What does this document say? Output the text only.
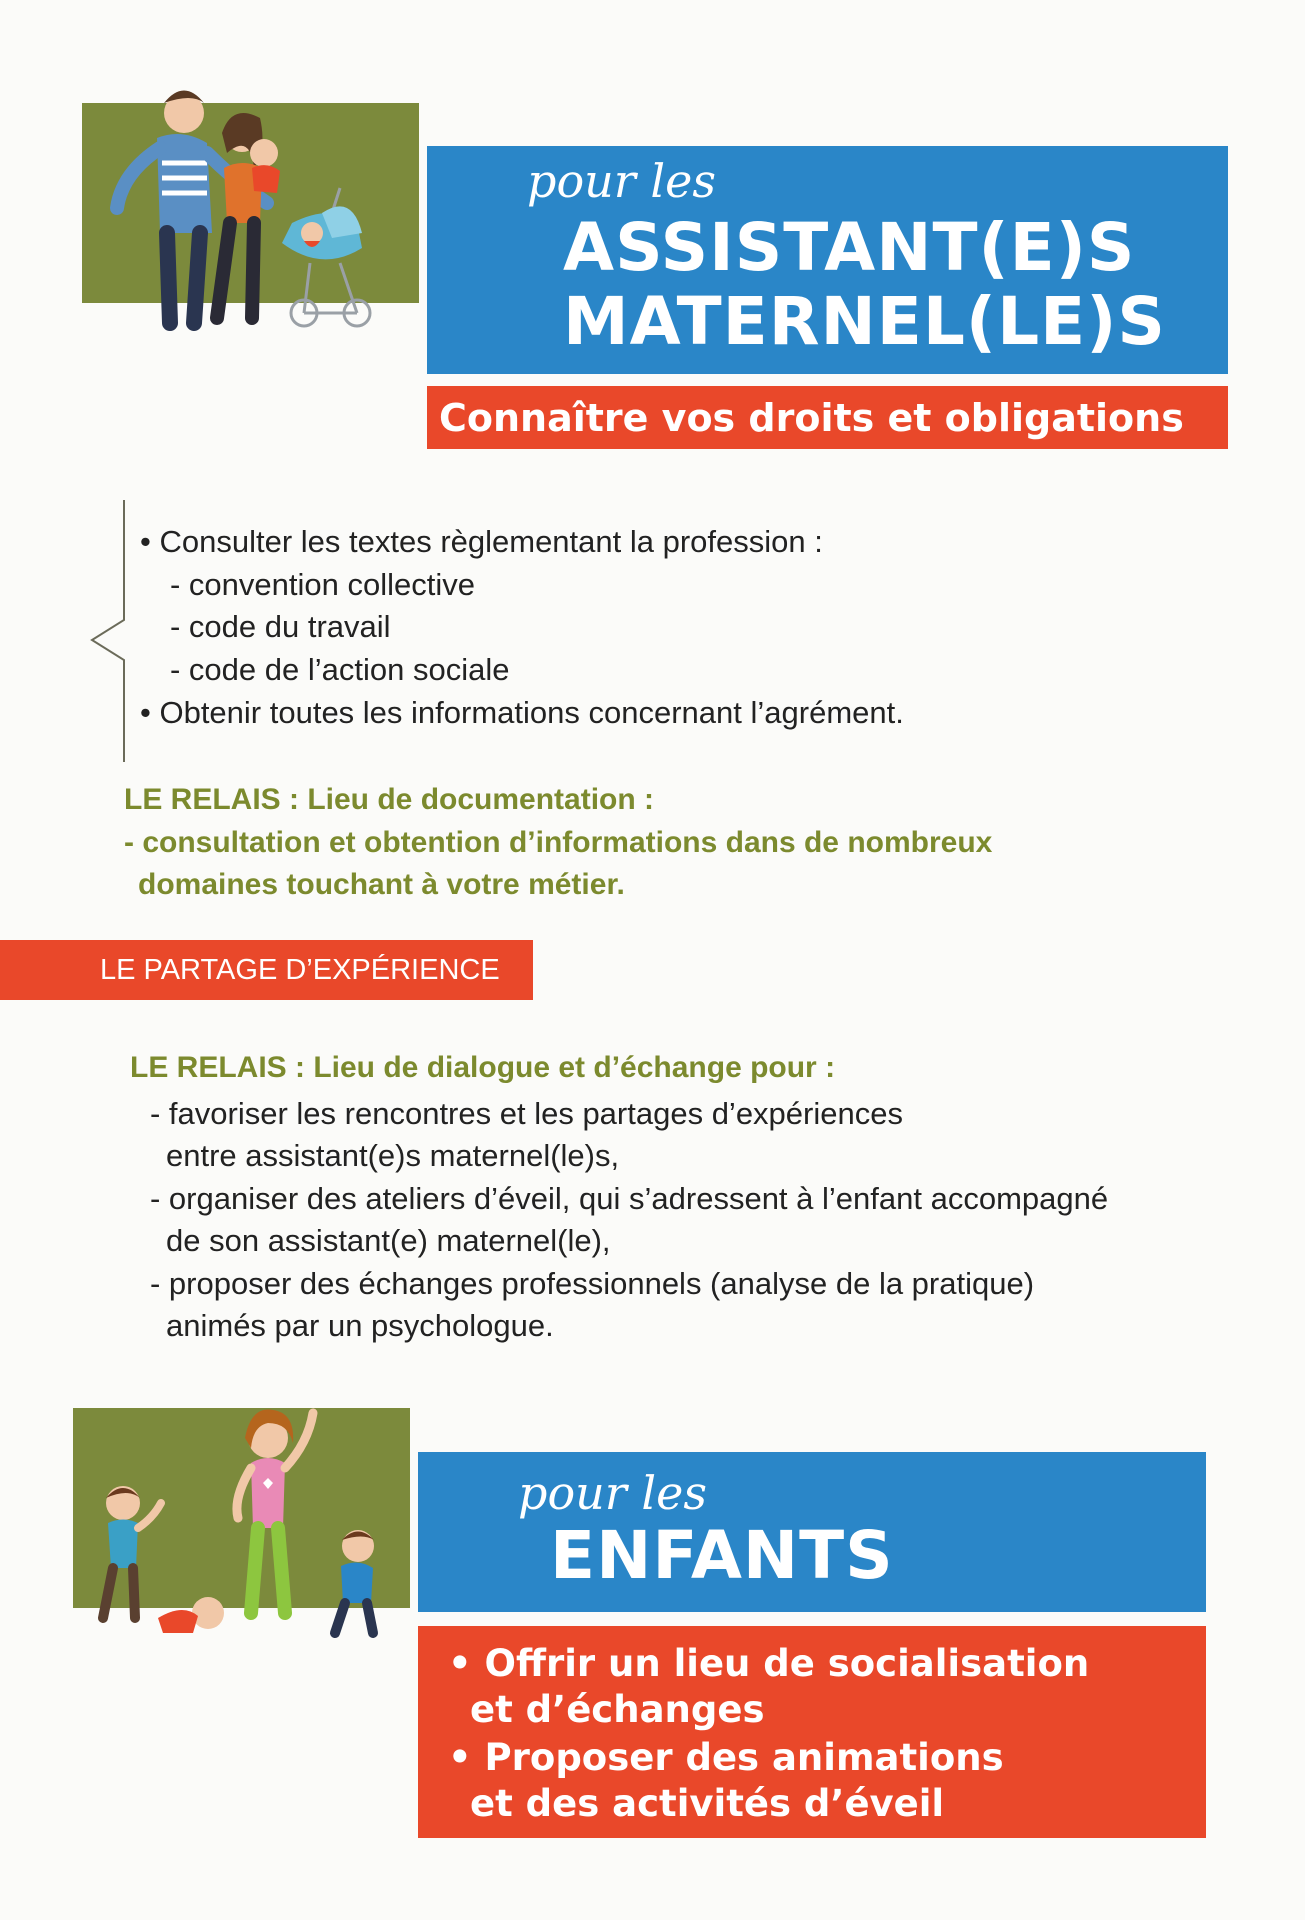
pour les
ASSISTANT(E)S
MATERNEL(LE)S
Connaître vos droits et obligations
• Consulter les textes règlementant la profession :
- convention collective
- code du travail
- code de l’action sociale
• Obtenir toutes les informations concernant l’agrément.
LE RELAIS : Lieu de documentation :
- consultation et obtention d’informations dans de nombreux
domaines touchant à votre métier.
LE PARTAGE D’EXPÉRIENCE
LE RELAIS : Lieu de dialogue et d’échange pour :
- favoriser les rencontres et les partages d’expériences
entre assistant(e)s maternel(le)s,
- organiser des ateliers d’éveil, qui s’adressent à l’enfant accompagné
de son assistant(e) maternel(le),
- proposer des échanges professionnels (analyse de la pratique)
animés par un psychologue.
pour les
ENFANTS
• Offrir un lieu de socialisation
et d’échanges
• Proposer des animations
et des activités d’éveil
